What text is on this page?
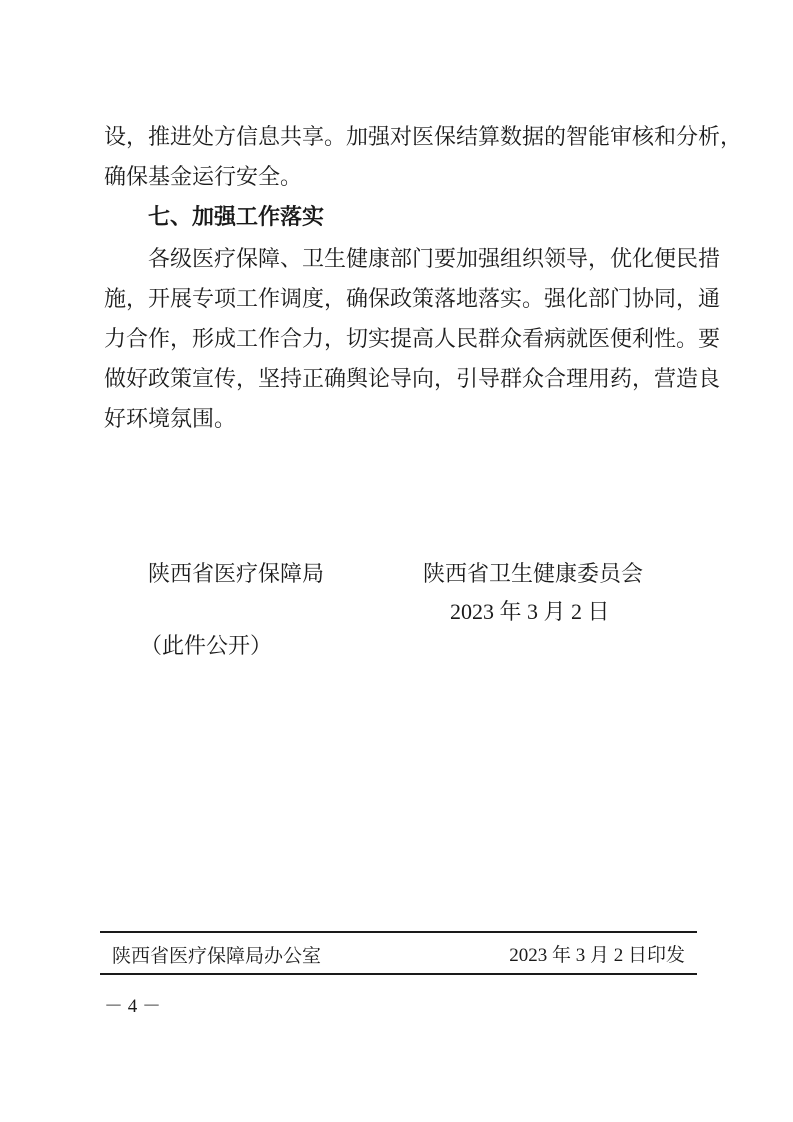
设，推进处方信息共享。加强对医保结算数据的智能审核和分析，
确保基金运行安全。
七、加强工作落实
各级医疗保障、卫生健康部门要加强组织领导，优化便民措
施，开展专项工作调度，确保政策落地落实。强化部门协同，通
力合作，形成工作合力，切实提高人民群众看病就医便利性。要
做好政策宣传，坚持正确舆论导向，引导群众合理用药，营造良
好环境氛围。
陕西省医疗保障局	陕西省卫生健康委员会
2023 年 3 月 2 日
（此件公开）
陕西省医疗保障局办公室	2023 年 3 月 2 日印发
－ 4 －
